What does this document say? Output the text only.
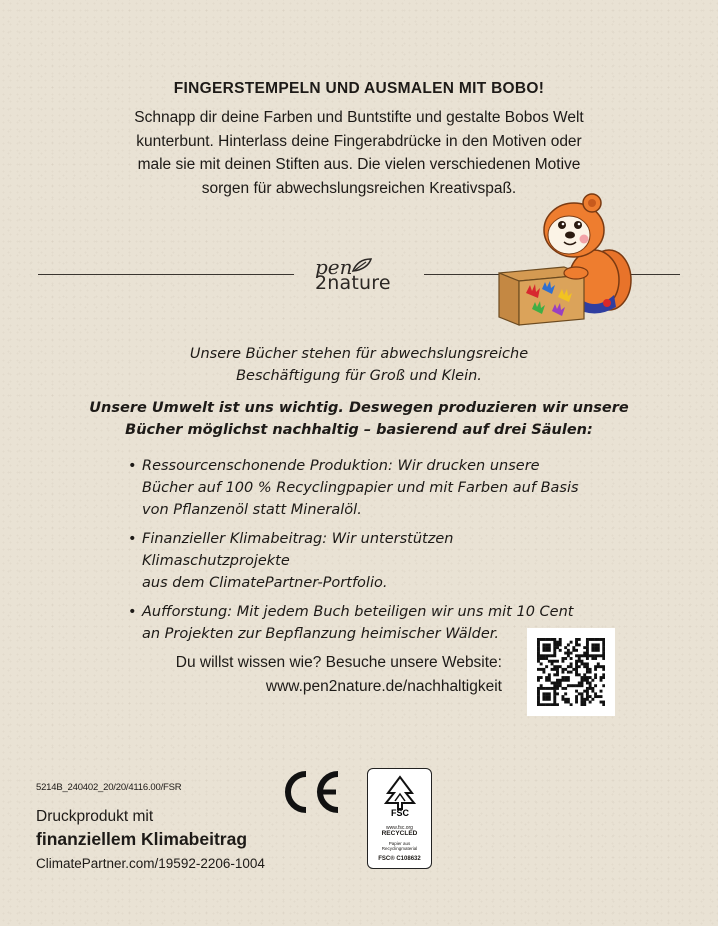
FINGERSTEMPELN UND AUSMALEN MIT BOBO!
Schnapp dir deine Farben und Buntstifte und gestalte Bobos Welt
kunterbunt. Hinterlass deine Fingerabdrücke in den Motiven oder
male sie mit deinen Stiften aus. Die vielen verschiedenen Motive
sorgen für abwechslungsreichen Kreativspaß.
pen
2nature
Unsere Bücher stehen für abwechslungsreiche
Beschäftigung für Groß und Klein.
Unsere Umwelt ist uns wichtig. Deswegen produzieren wir unsere
Bücher möglichst nachhaltig – basierend auf drei Säulen:
• Ressourcenschonende Produktion: Wir drucken unsere
Bücher auf 100 % Recyclingpapier und mit Farben auf Basis
von Pflanzenöl statt Mineralöl.
• Finanzieller Klimabeitrag: Wir unterstützen Klimaschutzprojekte
aus dem ClimatePartner-Portfolio.
• Aufforstung: Mit jedem Buch beteiligen wir uns mit 10 Cent
an Projekten zur Bepflanzung heimischer Wälder.
Du willst wissen wie? Besuche unsere Website:
www.pen2nature.de/nachhaltigkeit
5214B_240402_20/20/4116.00/FSR
Druckprodukt mit
finanziellem Klimabeitrag
ClimatePartner.com/19592-2206-1004
FSC
www.fsc.org
RECYCLED
Papier aus
Recyclingmaterial
FSC® C108632
